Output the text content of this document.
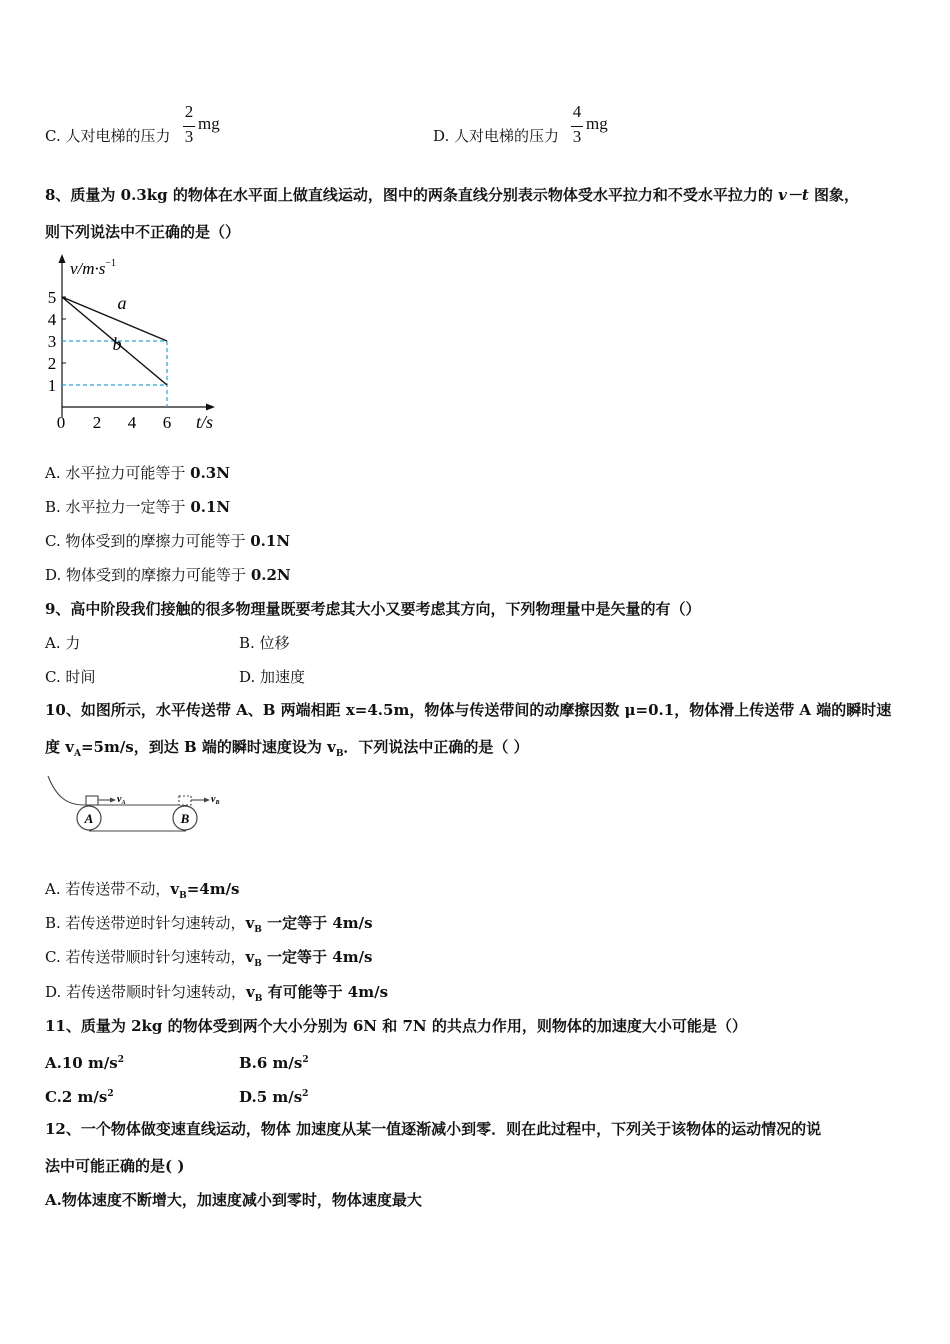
C. 人对电梯的压力
2
3
mg
D. 人对电梯的压力
4
3
mg
8、质量为 0.3kg 的物体在水平面上做直线运动，图中的两条直线分别表示物体受水平拉力和不受水平拉力的 v－t 图象，
则下列说法中不正确的是（）
$v/m\cdot s^{-1}$
t/s
5
4
3
2
1
0 2 4 6
a
b
A. 水平拉力可能等于 0.3N
B. 水平拉力一定等于 0.1N
C. 物体受到的摩擦力可能等于 0.1N
D. 物体受到的摩擦力可能等于 0.2N
9、高中阶段我们接触的很多物理量既要考虑其大小又要考虑其方向，下列物理量中是矢量的有（）
A. 力	B. 位移
C. 时间	D. 加速度
10、如图所示，水平传送带 A、B 两端相距 x=4.5m，物体与传送带间的动摩擦因数 μ=0.1，物体滑上传送带 A 端的瞬时速
度 $v_A=5m/s$，到达 B 端的瞬时速度设为 $v_B$．下列说法中正确的是（ ）
A	B
$v_A$	$v_B$
A. 若传送带不动，$v_B=4m/s$
B. 若传送带逆时针匀速转动，$v_B$ 一定等于 4m/s
C. 若传送带顺时针匀速转动，$v_B$ 一定等于 4m/s
D. 若传送带顺时针匀速转动，$v_B$ 有可能等于 4m/s
11、质量为 2kg 的物体受到两个大小分别为 6N 和 7N 的共点力作用，则物体的加速度大小可能是（）
A.10 $m/s^2$	B.6 $m/s^2$
C.2 $m/s^2$	D.5 $m/s^2$
12、一个物体做变速直线运动，物体 加速度从某一值逐渐减小到零．则在此过程中，下列关于该物体的运动情况的说
法中可能正确的是( )
A.物体速度不断增大，加速度减小到零时，物体速度最大
